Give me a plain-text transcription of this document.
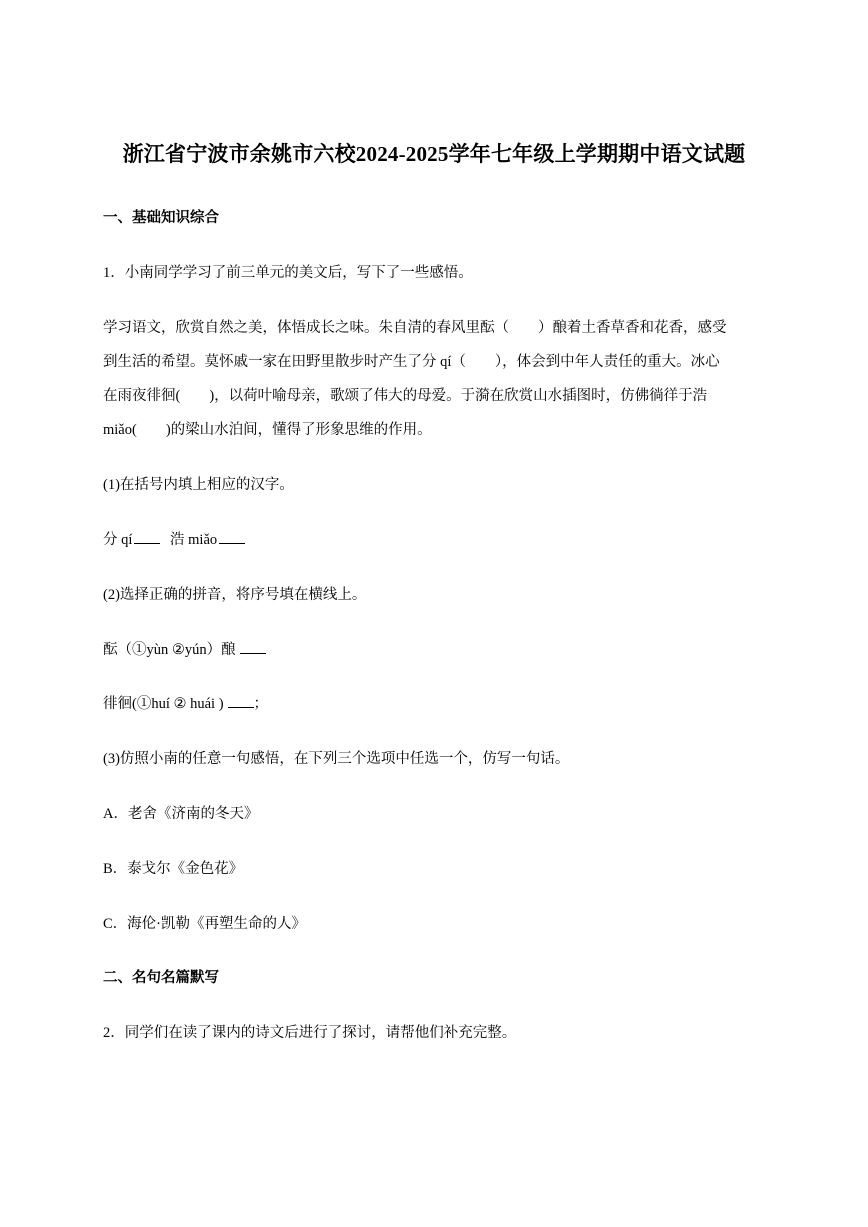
浙江省宁波市余姚市六校2024-2025学年七年级上学期期中语文试题
一、基础知识综合
1．小南同学学习了前三单元的美文后，写下了一些感悟。
学习语文，欣赏自然之美，体悟成长之味。朱自清的春风里酝（　　）酿着土香草香和花香，感受
到生活的希望。莫怀戚一家在田野里散步时产生了分 qí（　　），体会到中年人责任的重大。冰心
在雨夜徘徊(　　)，以荷叶喻母亲，歌颂了伟大的母爱。于漪在欣赏山水插图时，仿佛徜徉于浩
miǎo(　　)的梁山水泊间，懂得了形象思维的作用。
(1)在括号内填上相应的汉字。
分 qí	浩 miǎo
(2)选择正确的拼音，将序号填在横线上。
酝（①yùn ②yún）酿
徘徊(①huí ② huái ) ；
(3)仿照小南的任意一句感悟，在下列三个选项中任选一个，仿写一句话。
A．老舍《济南的冬天》
B．泰戈尔《金色花》
C．海伦·凯勒《再塑生命的人》
二、名句名篇默写
2．同学们在读了课内的诗文后进行了探讨，请帮他们补充完整。
